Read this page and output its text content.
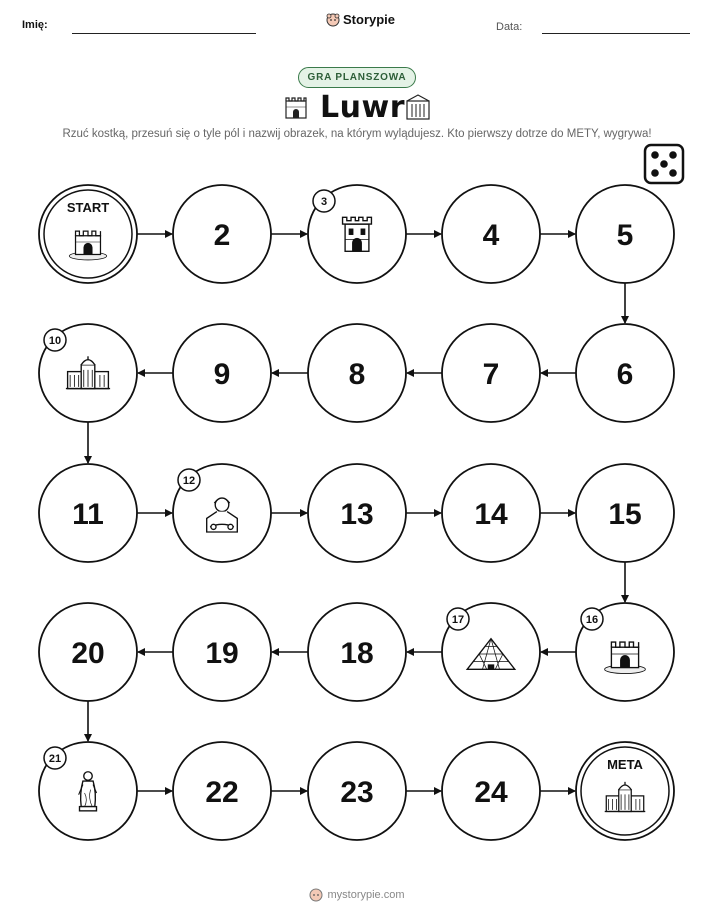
Imię:	Storypie	Data:
GRA PLANSZOWA
Luwr
Rzuć kostką, przesuń się o tyle pól i nazwij obrazek, na którym wylądujesz. Kto pierwszy dotrze do METY, wygrywa!
START
2
3
4	5
6
7
8
9
10
11
12
13	14	15
16
17
18
19
20
21
22	23	24
META
mystorypie.com
